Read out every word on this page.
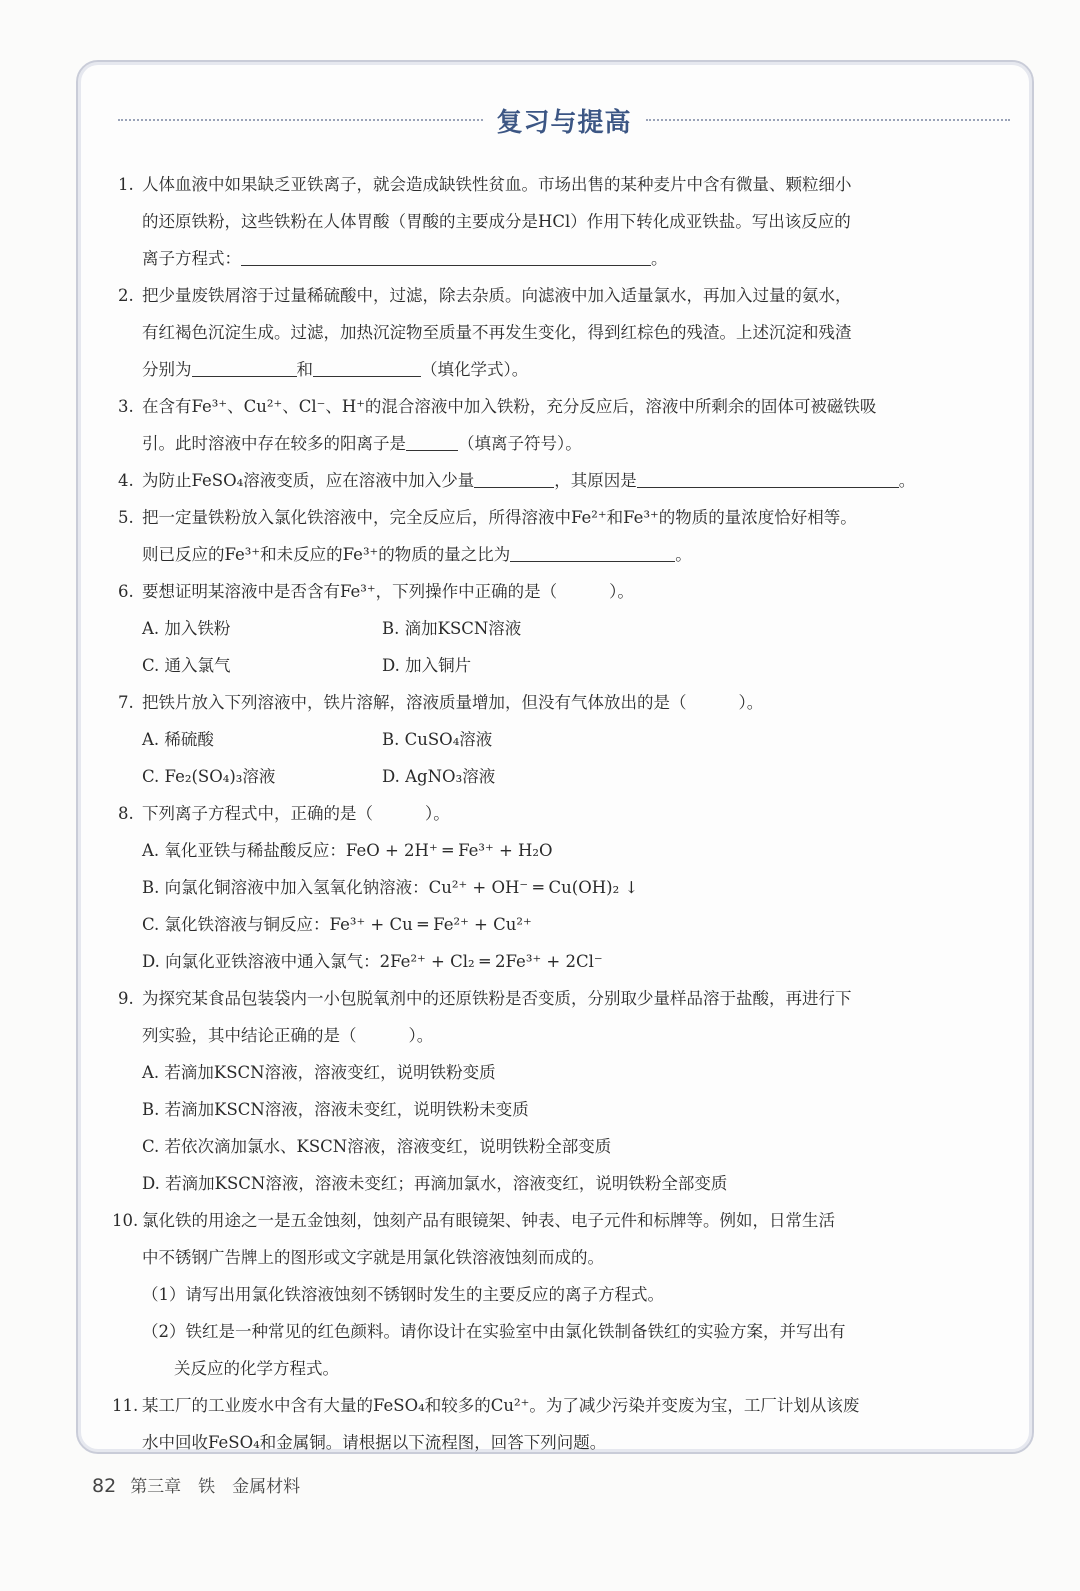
复习与提高
1. 人体血液中如果缺乏亚铁离子，就会造成缺铁性贫血。市场出售的某种麦片中含有微量、颗粒细小
的还原铁粉，这些铁粉在人体胃酸（胃酸的主要成分是HCl）作用下转化成亚铁盐。写出该反应的
离子方程式：	。
2. 把少量废铁屑溶于过量稀硫酸中，过滤，除去杂质。向滤液中加入适量氯水，再加入过量的氨水，
有红褐色沉淀生成。过滤，加热沉淀物至质量不再发生变化，得到红棕色的残渣。上述沉淀和残渣
分别为	和	（填化学式）。
3. 在含有Fe³⁺、Cu²⁺、Cl⁻、H⁺的混合溶液中加入铁粉，充分反应后，溶液中所剩余的固体可被磁铁吸
引。此时溶液中存在较多的阳离子是	（填离子符号）。
4. 为防止FeSO₄溶液变质，应在溶液中加入少量	，其原因是	。
5. 把一定量铁粉放入氯化铁溶液中，完全反应后，所得溶液中Fe²⁺和Fe³⁺的物质的量浓度恰好相等。
则已反应的Fe³⁺和未反应的Fe³⁺的物质的量之比为	。
6. 要想证明某溶液中是否含有Fe³⁺，下列操作中正确的是（	）。
A. 加入铁粉	B. 滴加KSCN溶液
C. 通入氯气	D. 加入铜片
7. 把铁片放入下列溶液中，铁片溶解，溶液质量增加，但没有气体放出的是（	）。
A. 稀硫酸	B. CuSO₄溶液
C. Fe₂(SO₄)₃溶液	D. AgNO₃溶液
8. 下列离子方程式中，正确的是（	）。
A. 氧化亚铁与稀盐酸反应：FeO + 2H⁺ ═ Fe³⁺ + H₂O
B. 向氯化铜溶液中加入氢氧化钠溶液：Cu²⁺ + OH⁻ ═ Cu(OH)₂ ↓
C. 氯化铁溶液与铜反应：Fe³⁺ + Cu ═ Fe²⁺ + Cu²⁺
D. 向氯化亚铁溶液中通入氯气：2Fe²⁺ + Cl₂ ═ 2Fe³⁺ + 2Cl⁻
9. 为探究某食品包装袋内一小包脱氧剂中的还原铁粉是否变质，分别取少量样品溶于盐酸，再进行下
列实验，其中结论正确的是（	）。
A. 若滴加KSCN溶液，溶液变红，说明铁粉变质
B. 若滴加KSCN溶液，溶液未变红，说明铁粉未变质
C. 若依次滴加氯水、KSCN溶液，溶液变红，说明铁粉全部变质
D. 若滴加KSCN溶液，溶液未变红；再滴加氯水，溶液变红，说明铁粉全部变质
10. 氯化铁的用途之一是五金蚀刻，蚀刻产品有眼镜架、钟表、电子元件和标牌等。例如，日常生活
中不锈钢广告牌上的图形或文字就是用氯化铁溶液蚀刻而成的。
（1）请写出用氯化铁溶液蚀刻不锈钢时发生的主要反应的离子方程式。
（2）铁红是一种常见的红色颜料。请你设计在实验室中由氯化铁制备铁红的实验方案，并写出有
关反应的化学方程式。
11. 某工厂的工业废水中含有大量的FeSO₄和较多的Cu²⁺。为了减少污染并变废为宝，工厂计划从该废
水中回收FeSO₄和金属铜。请根据以下流程图，回答下列问题。
82 第三章　铁　金属材料
